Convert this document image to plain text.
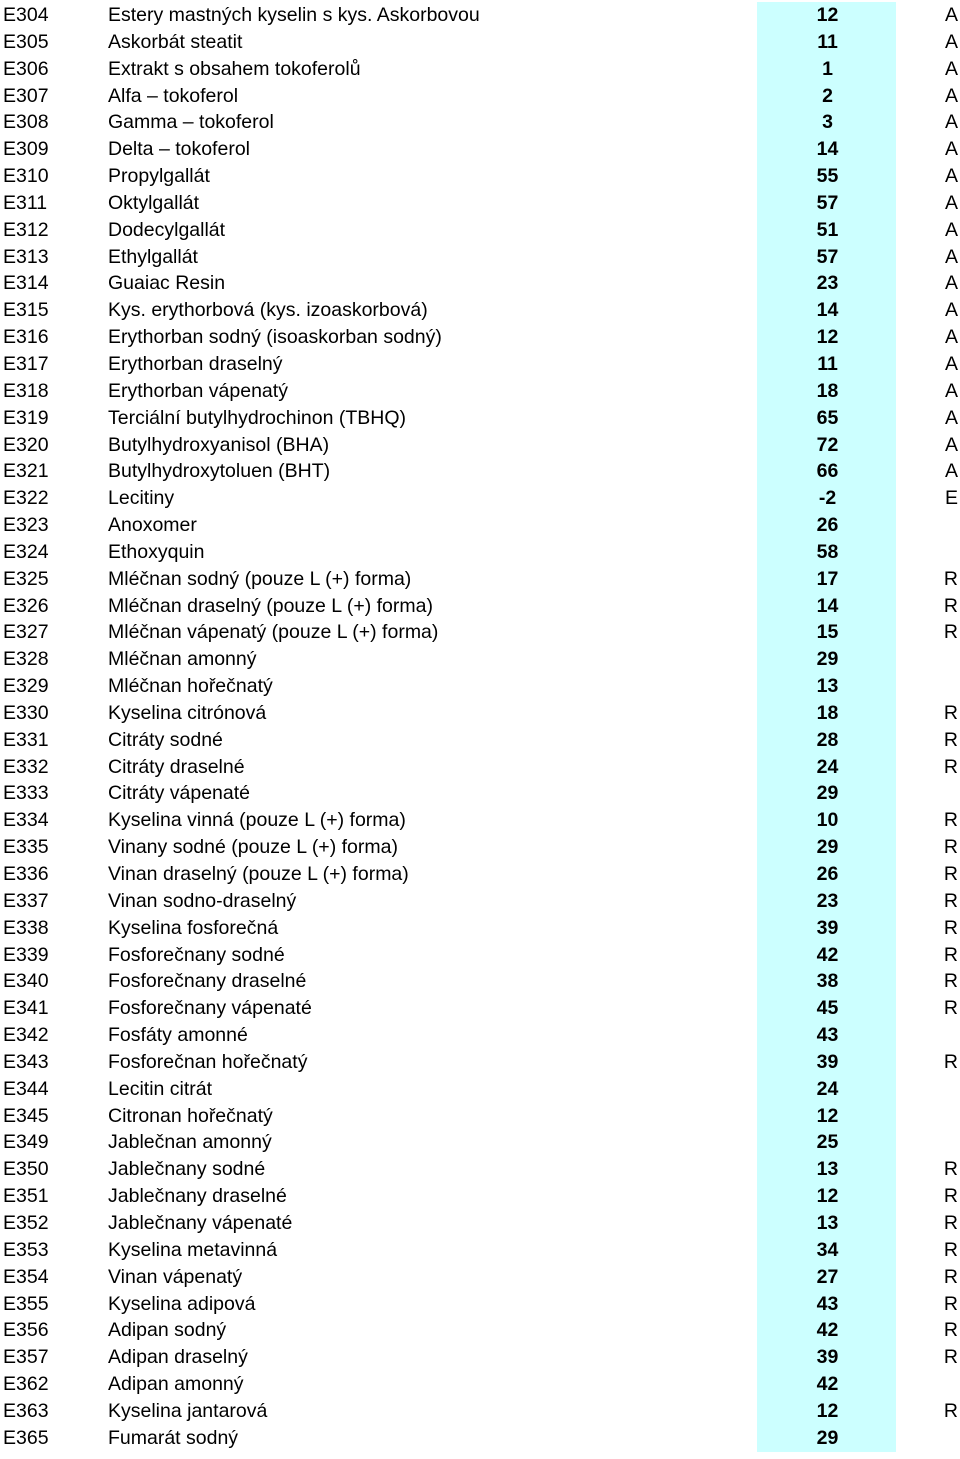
E304	Estery mastných kyselin s kys. Askorbovou	12	A
E305	Askorbát steatit	11	A
E306	Extrakt s obsahem tokoferolů	1	A
E307	Alfa – tokoferol	2	A
E308	Gamma – tokoferol	3	A
E309	Delta – tokoferol	14	A
E310	Propylgallát	55	A
E311	Oktylgallát	57	A
E312	Dodecylgallát	51	A
E313	Ethylgallát	57	A
E314	Guaiac Resin	23	A
E315	Kys. erythorbová (kys. izoaskorbová)	14	A
E316	Erythorban sodný (isoaskorban sodný)	12	A
E317	Erythorban draselný	11	A
E318	Erythorban vápenatý	18	A
E319	Terciální butylhydrochinon (TBHQ)	65	A
E320	Butylhydroxyanisol (BHA)	72	A
E321	Butylhydroxytoluen (BHT)	66	A
E322	Lecitiny	-2	E
E323	Anoxomer	26
E324	Ethoxyquin	58
E325	Mléčnan sodný (pouze L (+) forma)	17	R
E326	Mléčnan draselný (pouze L (+) forma)	14	R
E327	Mléčnan vápenatý (pouze L (+) forma)	15	R
E328	Mléčnan amonný	29
E329	Mléčnan hořečnatý	13
E330	Kyselina citrónová	18	R
E331	Citráty sodné	28	R
E332	Citráty draselné	24	R
E333	Citráty vápenaté	29
E334	Kyselina vinná (pouze L (+) forma)	10	R
E335	Vinany sodné (pouze L (+) forma)	29	R
E336	Vinan draselný (pouze L (+) forma)	26	R
E337	Vinan sodno-draselný	23	R
E338	Kyselina fosforečná	39	R
E339	Fosforečnany sodné	42	R
E340	Fosforečnany draselné	38	R
E341	Fosforečnany vápenaté	45	R
E342	Fosfáty amonné	43
E343	Fosforečnan hořečnatý	39	R
E344	Lecitin citrát	24
E345	Citronan hořečnatý	12
E349	Jablečnan amonný	25
E350	Jablečnany sodné	13	R
E351	Jablečnany draselné	12	R
E352	Jablečnany vápenaté	13	R
E353	Kyselina metavinná	34	R
E354	Vinan vápenatý	27	R
E355	Kyselina adipová	43	R
E356	Adipan sodný	42	R
E357	Adipan draselný	39	R
E362	Adipan amonný	42
E363	Kyselina jantarová	12	R
E365	Fumarát sodný	29
